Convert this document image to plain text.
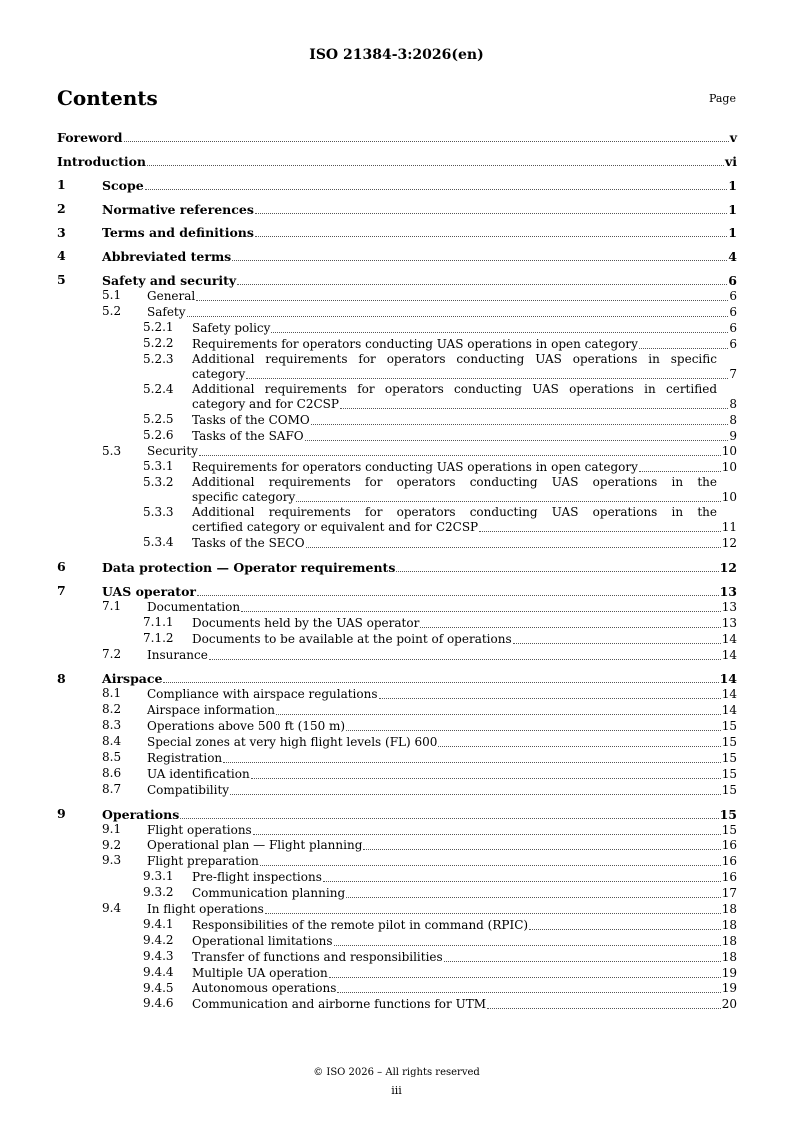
ISO 21384-3:2026(en)
Contents	Page
Foreword	v
Introduction	vi
1	Scope	1
2	Normative references	1
3	Terms and definitions	1
4	Abbreviated terms	4
5	Safety and security	6
5.1 General	6
5.2 Safety	6
5.2.1 Safety policy	6
5.2.2 Requirements for operators conducting UAS operations in open category	6
5.2.3 Additional requirements for operators conducting UAS operations in specific
category	7
5.2.4 Additional requirements for operators conducting UAS operations in certified
category and for C2CSP	8
5.2.5 Tasks of the COMO	8
5.2.6 Tasks of the SAFO	9
5.3 Security	10
5.3.1 Requirements for operators conducting UAS operations in open category	10
5.3.2 Additional requirements for operators conducting UAS operations in the
specific category	10
5.3.3 Additional requirements for operators conducting UAS operations in the
certified category or equivalent and for C2CSP	11
5.3.4 Tasks of the SECO	12
6	Data protection — Operator requirements	12
7	UAS operator	13
7.1 Documentation	13
7.1.1 Documents held by the UAS operator	13
7.1.2 Documents to be available at the point of operations	14
7.2 Insurance	14
8	Airspace	14
8.1 Compliance with airspace regulations	14
8.2 Airspace information	14
8.3 Operations above 500 ft (150 m)	15
8.4 Special zones at very high flight levels (FL) 600	15
8.5 Registration	15
8.6 UA identification	15
8.7 Compatibility	15
9	Operations	15
9.1 Flight operations	15
9.2 Operational plan — Flight planning	16
9.3 Flight preparation	16
9.3.1 Pre-flight inspections	16
9.3.2 Communication planning	17
9.4 In flight operations	18
9.4.1 Responsibilities of the remote pilot in command (RPIC)	18
9.4.2 Operational limitations	18
9.4.3 Transfer of functions and responsibilities	18
9.4.4 Multiple UA operation	19
9.4.5 Autonomous operations	19
9.4.6 Communication and airborne functions for UTM	20
© ISO 2026 – All rights reserved
iii
